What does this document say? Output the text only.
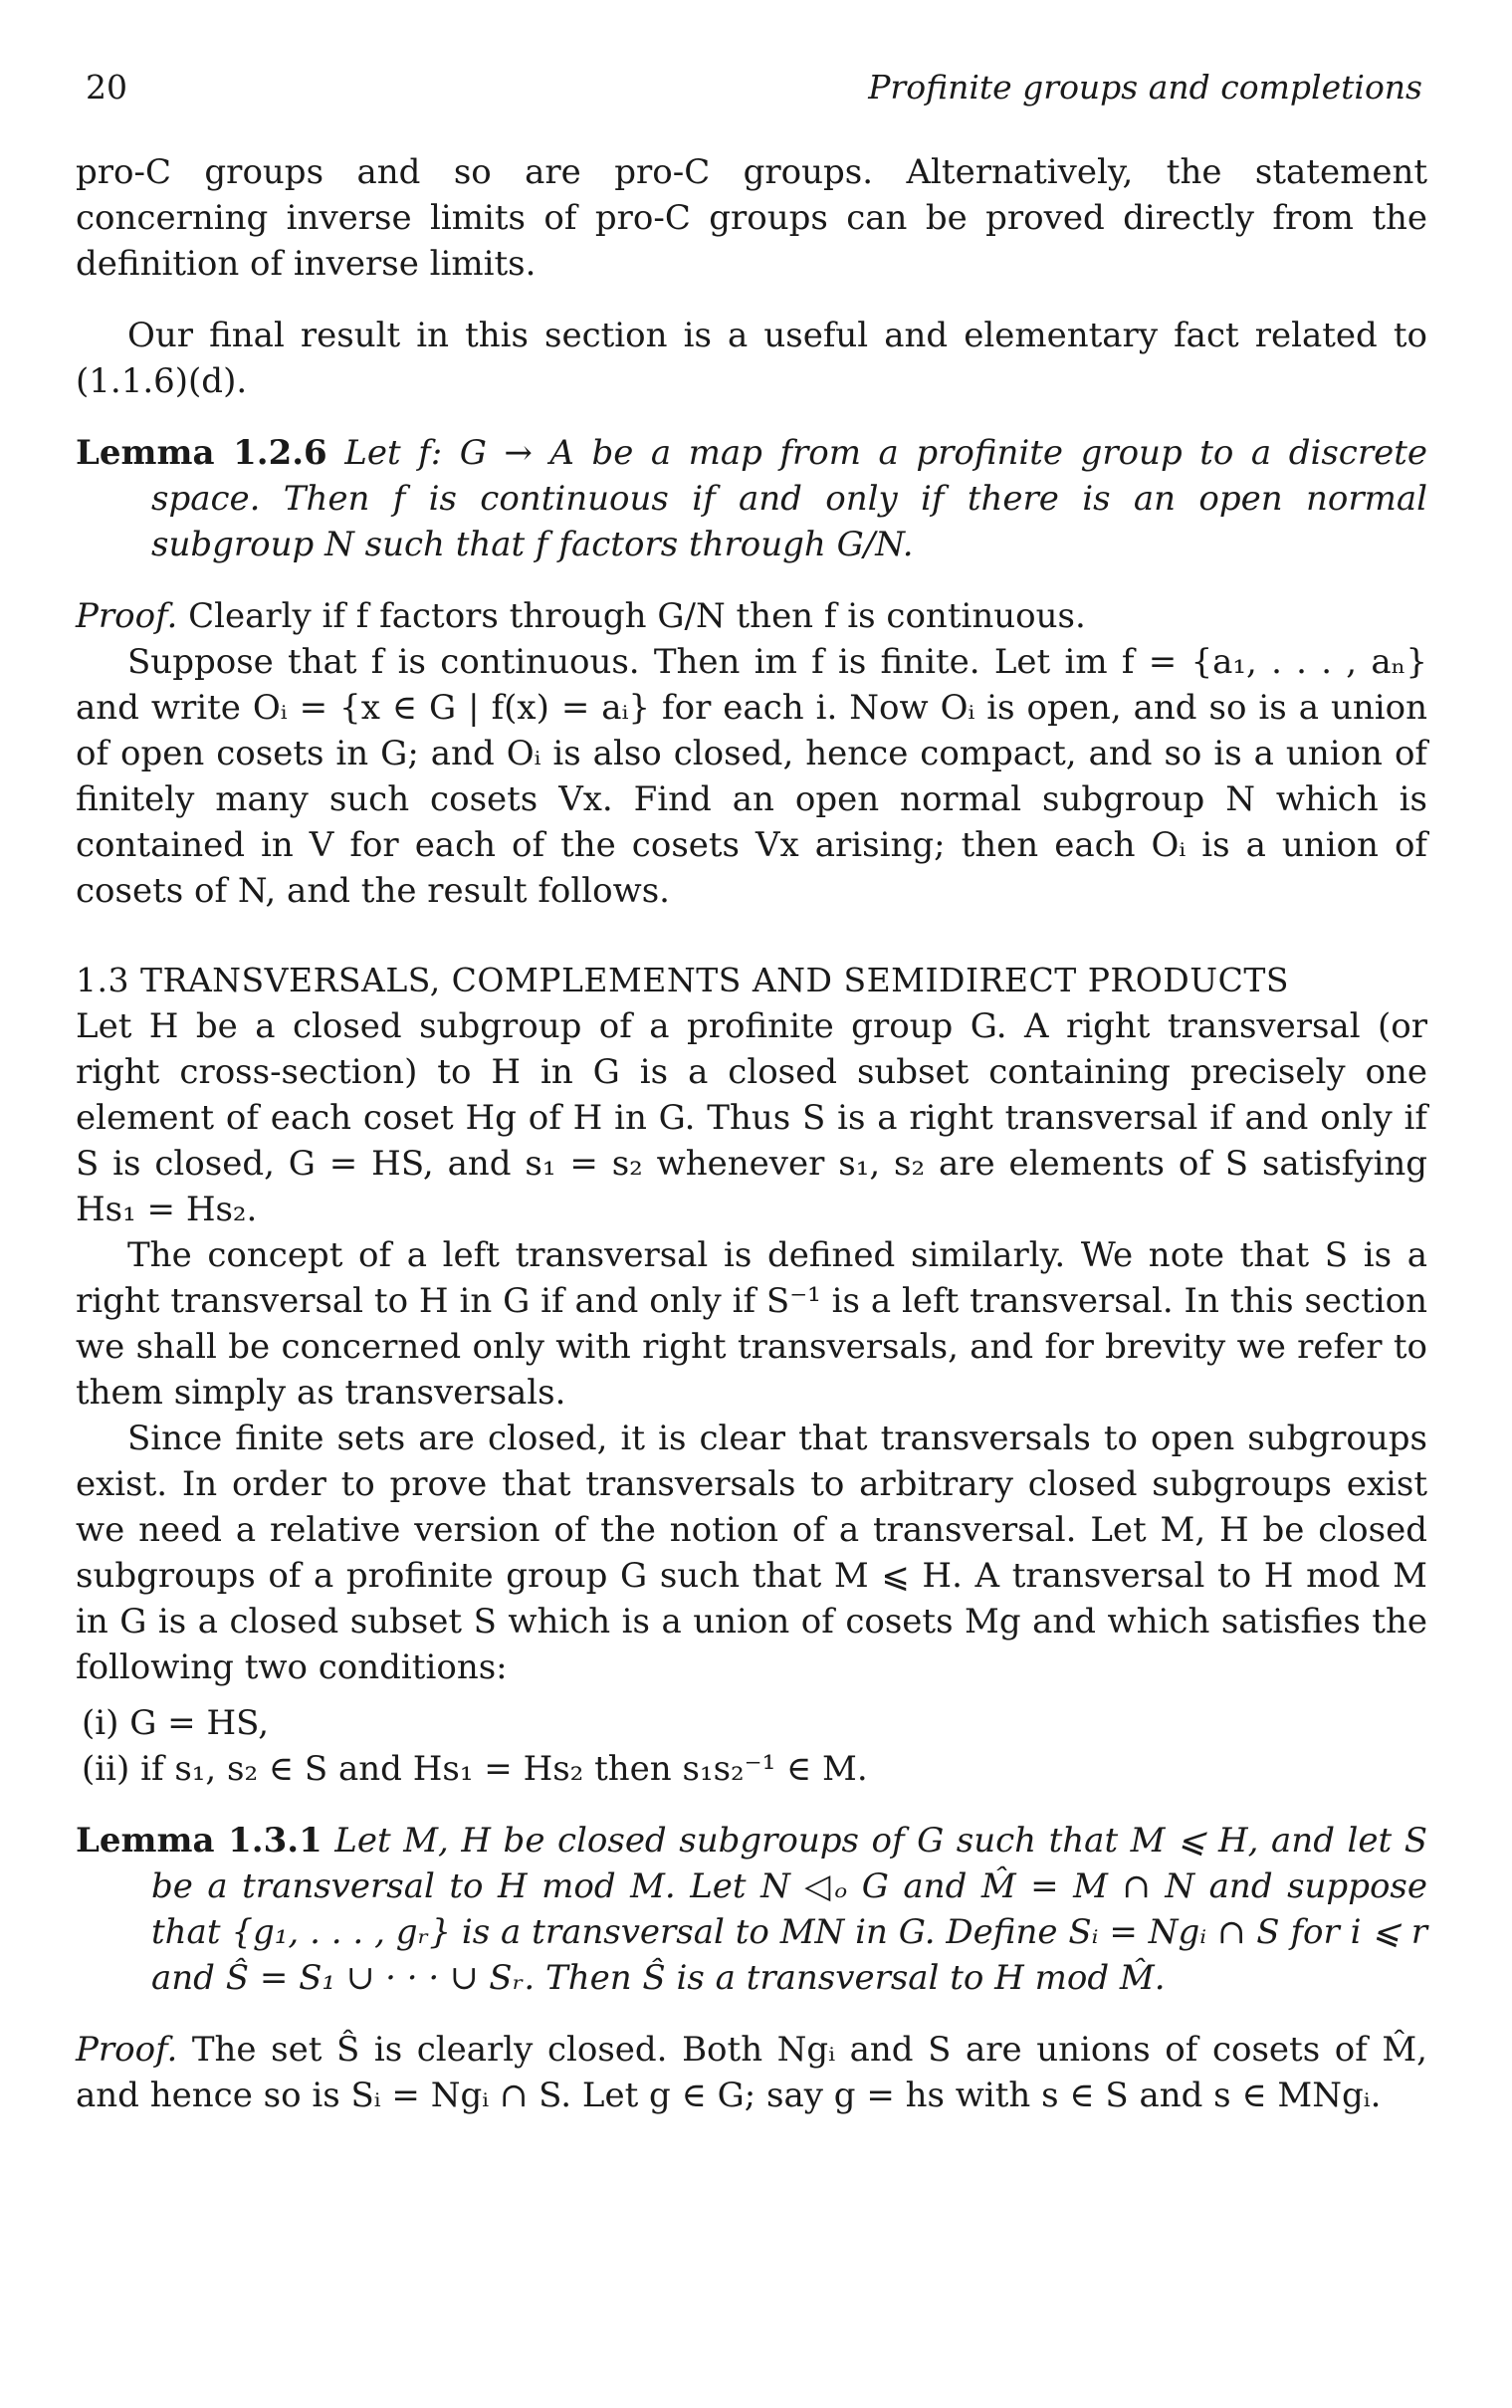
20	Profinite groups and completions

pro-C groups and so are pro-C groups. Alternatively, the statement concerning inverse limits of pro-C groups can be proved directly from the definition of inverse limits.

Our final result in this section is a useful and elementary fact related to (1.1.6)(d).

Lemma 1.2.6 Let f: G → A be a map from a profinite group to a discrete space. Then f is continuous if and only if there is an open normal subgroup N such that f factors through G/N.

Proof. Clearly if f factors through G/N then f is continuous.

Suppose that f is continuous. Then im f is finite. Let im f = {a₁, . . . , aₙ} and write Oᵢ = {x ∈ G | f(x) = aᵢ} for each i. Now Oᵢ is open, and so is a union of open cosets in G; and Oᵢ is also closed, hence compact, and so is a union of finitely many such cosets Vx. Find an open normal subgroup N which is contained in V for each of the cosets Vx arising; then each Oᵢ is a union of cosets of N, and the result follows.

1.3 TRANSVERSALS, COMPLEMENTS AND SEMIDIRECT PRODUCTS

Let H be a closed subgroup of a profinite group G. A right transversal (or right cross-section) to H in G is a closed subset containing precisely one element of each coset Hg of H in G. Thus S is a right transversal if and only if S is closed, G = HS, and s₁ = s₂ whenever s₁, s₂ are elements of S satisfying Hs₁ = Hs₂.

The concept of a left transversal is defined similarly. We note that S is a right transversal to H in G if and only if S⁻¹ is a left transversal. In this section we shall be concerned only with right transversals, and for brevity we refer to them simply as transversals.

Since finite sets are closed, it is clear that transversals to open subgroups exist. In order to prove that transversals to arbitrary closed subgroups exist we need a relative version of the notion of a transversal. Let M, H be closed subgroups of a profinite group G such that M ⩽ H. A transversal to H mod M in G is a closed subset S which is a union of cosets Mg and which satisfies the following two conditions:

(i) G = HS,

(ii) if s₁, s₂ ∈ S and Hs₁ = Hs₂ then s₁s₂⁻¹ ∈ M.

Lemma 1.3.1 Let M, H be closed subgroups of G such that M ⩽ H, and let S be a transversal to H mod M. Let N ◁ₒ G and M̂ = M ∩ N and suppose that {g₁, . . . , gᵣ} is a transversal to MN in G. Define Sᵢ = Ngᵢ ∩ S for i ⩽ r and Ŝ = S₁ ∪ · · · ∪ Sᵣ. Then Ŝ is a transversal to H mod M̂.

Proof. The set Ŝ is clearly closed. Both Ngᵢ and S are unions of cosets of M̂, and hence so is Sᵢ = Ngᵢ ∩ S. Let g ∈ G; say g = hs with s ∈ S and s ∈ MNgᵢ.
